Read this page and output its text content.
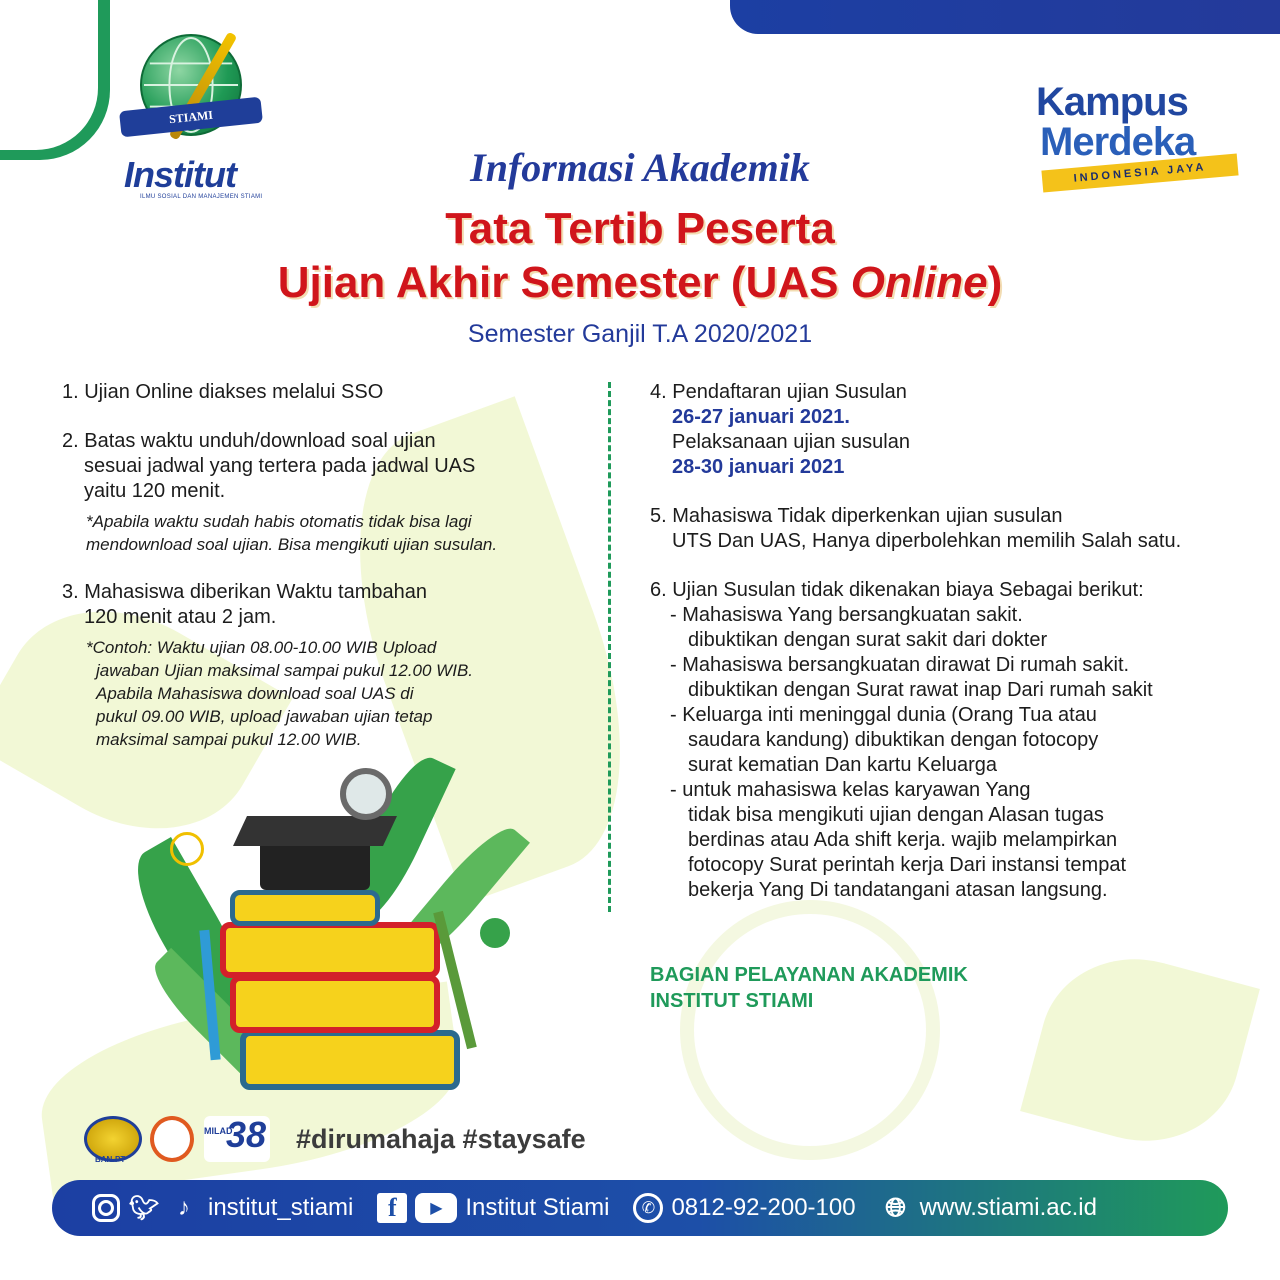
STIAMI
Institut
ILMU SOSIAL DAN MANAJEMEN STIAMI
Kampus
Merdeka
INDONESIA JAYA
Informasi Akademik
Tata Tertib Peserta
Ujian Akhir Semester (UAS Online)
Semester Ganjil T.A 2020/2021
1. Ujian Online diakses melalui SSO
2. Batas waktu unduh/download soal ujian
sesuai jadwal yang tertera pada jadwal UAS
yaitu 120 menit.
*Apabila waktu sudah habis otomatis tidak bisa lagi
mendownload soal ujian. Bisa mengikuti ujian susulan.
3. Mahasiswa diberikan Waktu tambahan
120 menit atau 2 jam.
*Contoh: Waktu ujian 08.00-10.00 WIB Upload
jawaban Ujian maksimal sampai pukul 12.00 WIB.
Apabila Mahasiswa download soal UAS di
pukul 09.00 WIB, upload jawaban ujian tetap
maksimal sampai pukul 12.00 WIB.
4. Pendaftaran ujian Susulan
26-27 januari 2021.
Pelaksanaan ujian susulan
28-30 januari 2021
5. Mahasiswa Tidak diperkenkan ujian susulan
UTS Dan UAS, Hanya diperbolehkan memilih Salah satu.
6. Ujian Susulan tidak dikenakan biaya Sebagai berikut:
- Mahasiswa Yang bersangkuatan sakit.
dibuktikan dengan surat sakit dari dokter
- Mahasiswa bersangkuatan dirawat Di rumah sakit.
dibuktikan dengan Surat rawat inap Dari rumah sakit
- Keluarga inti meninggal dunia (Orang Tua atau
saudara kandung) dibuktikan dengan fotocopy
surat kematian Dan kartu Keluarga
- untuk mahasiswa kelas karyawan Yang
tidak bisa mengikuti ujian dengan Alasan tugas
berdinas atau Ada shift kerja. wajib melampirkan
fotocopy Surat perintah kerja Dari instansi tempat
bekerja Yang Di tandatangani atasan langsung.
BAGIAN PELAYANAN AKADEMIK
INSTITUT STIAMI
BAN-PT
MILAD
38 #dirumahaja #staysafe
🐦︎ ♪ institut_stiami	f	▶ Institut Stiami	✆ 0812-92-200-100 🌐︎ www.stiami.ac.id
